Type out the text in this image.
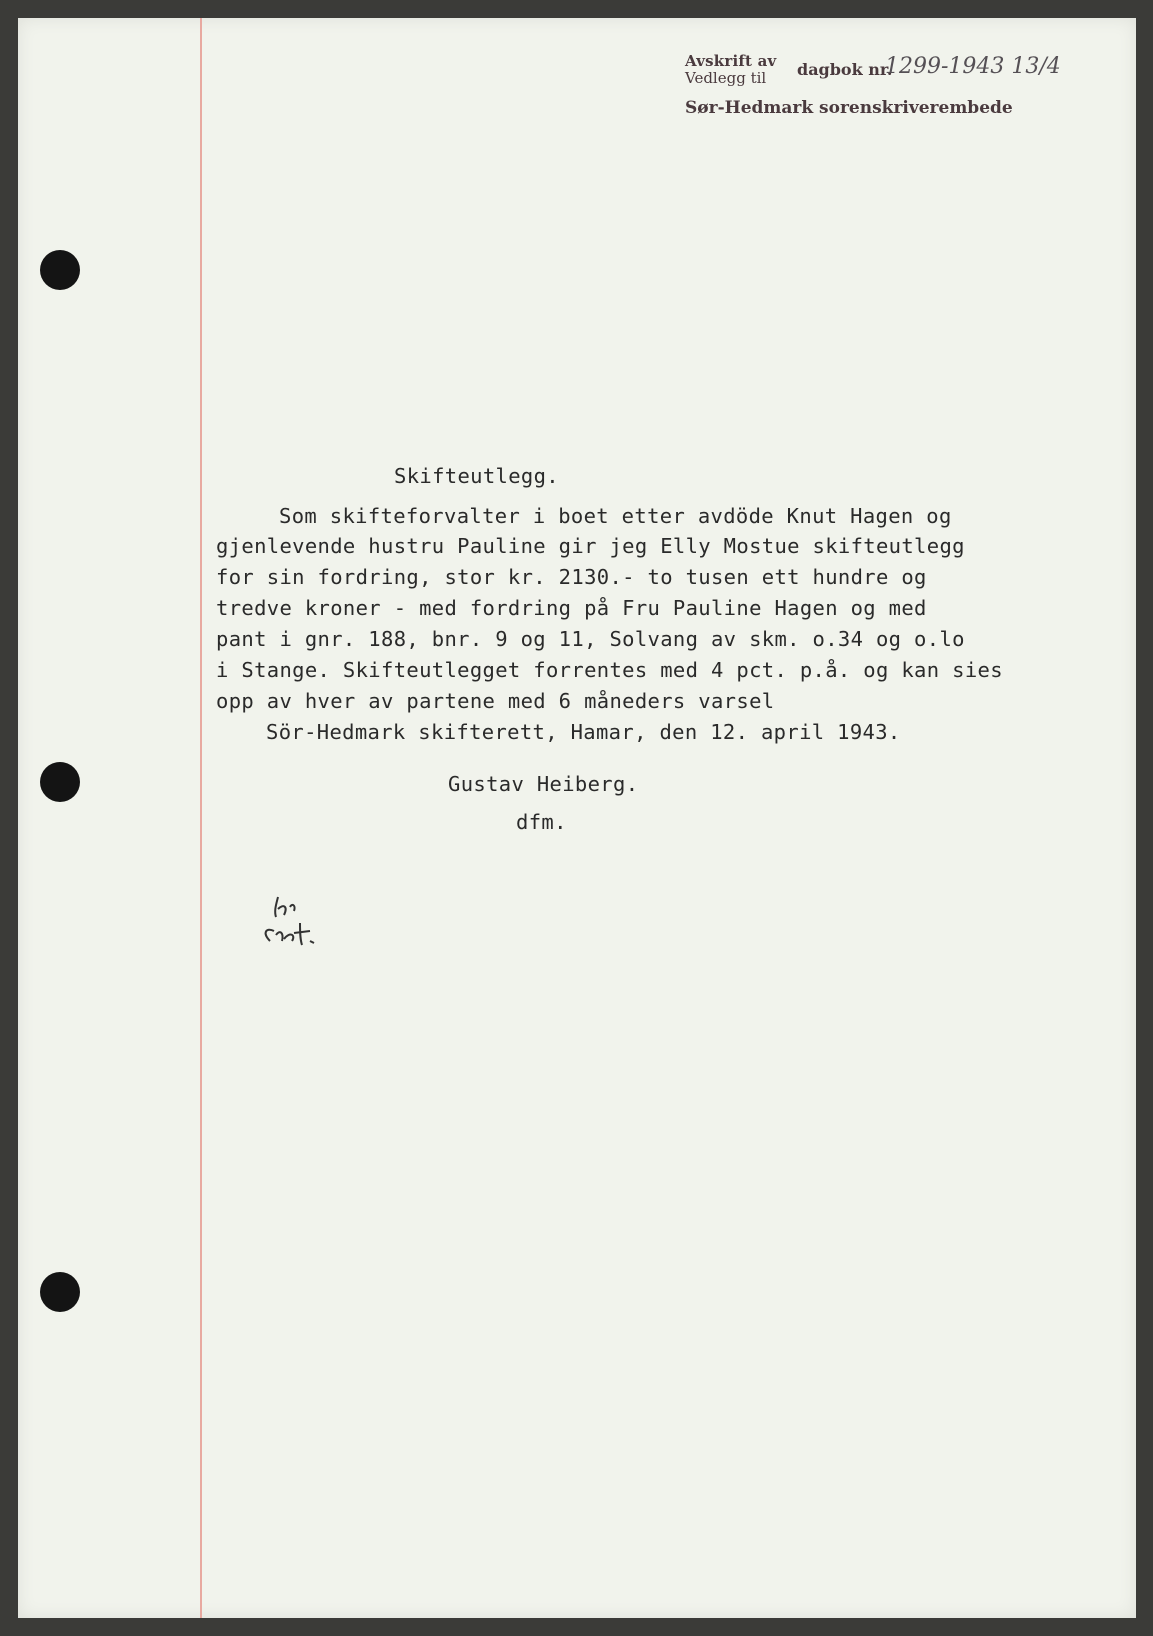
Avskrift av
Vedlegg til dagbok nr.
1299-1943 13/4
Sør-Hedmark sorenskriverembede
Skifteutlegg.
Som skifteforvalter i boet etter avdöde Knut Hagen og
gjenlevende hustru Pauline gir jeg Elly Mostue skifteutlegg
for sin fordring, stor kr. 2130.- to tusen ett hundre og
tredve kroner - med fordring på Fru Pauline Hagen og med
pant i gnr. 188, bnr. 9 og 11, Solvang av skm. o.34 og o.lo
i Stange. Skifteutlegget forrentes med 4 pct. p.å. og kan sies
opp av hver av partene med 6 måneders varsel
Sör-Hedmark skifterett, Hamar, den 12. april 1943.
Gustav Heiberg.
dfm.
